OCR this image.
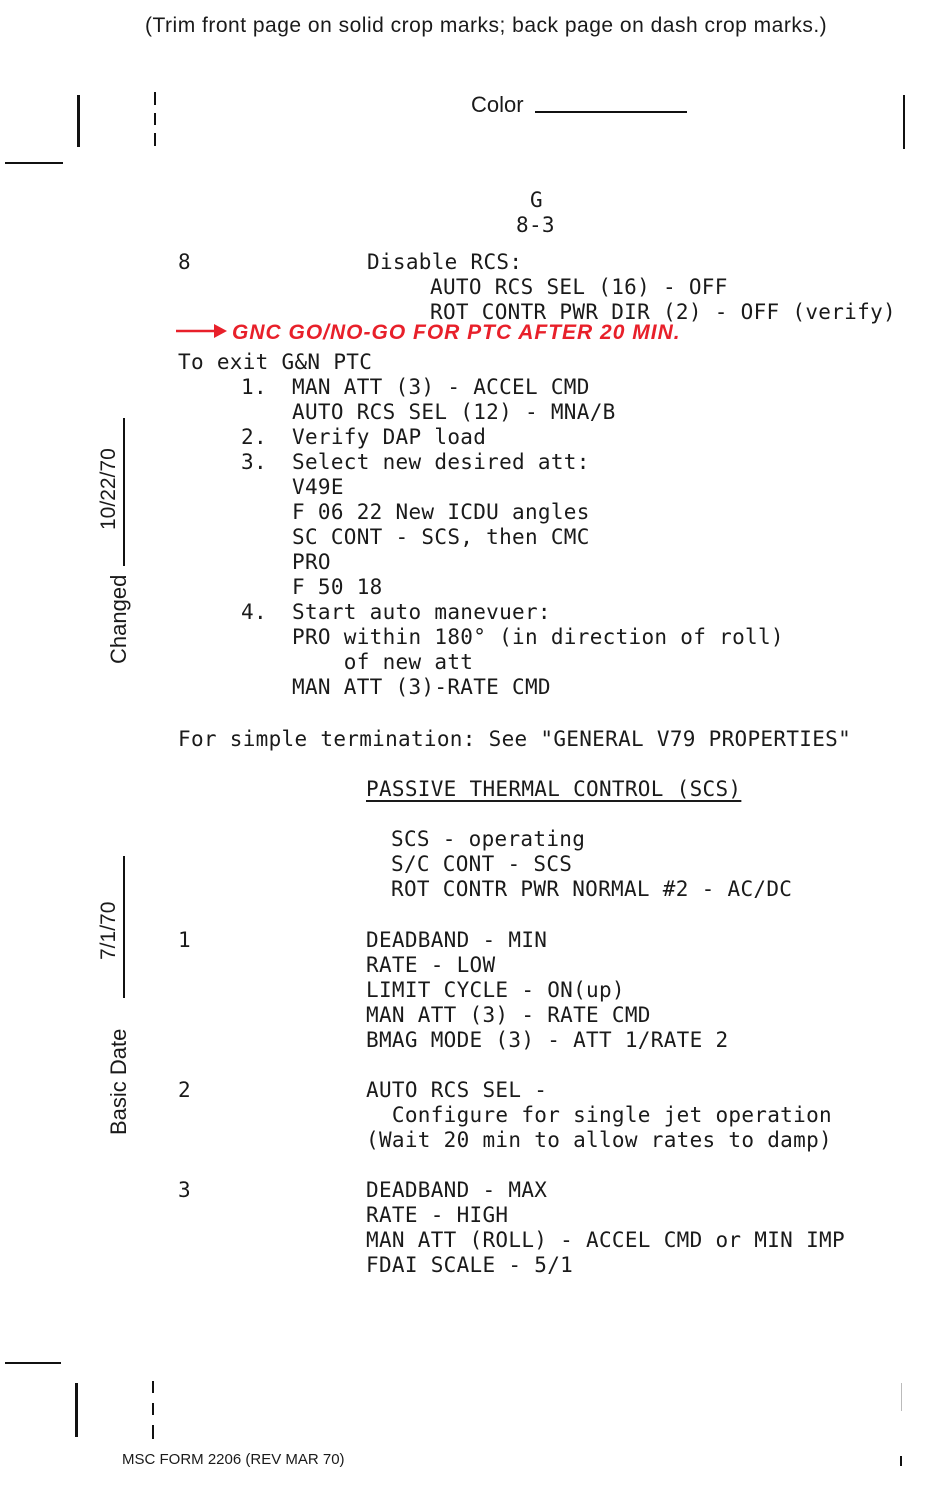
(Trim front page on solid crop marks; back page on dash crop marks.)
Color
G
8-3
8	Disable RCS:
AUTO RCS SEL (16) - OFF
ROT CONTR PWR DIR (2) - OFF (verify)
GNC GO/NO-GO FOR PTC AFTER 20 MIN.
To exit G&N PTC
1. MAN ATT (3) - ACCEL CMD
AUTO RCS SEL (12) - MNA/B
2. Verify DAP load
3. Select new desired att:
V49E
F 06 22 New ICDU angles
SC CONT - SCS, then CMC
PRO
F 50 18
4. Start auto manevuer:
PRO within 180° (in direction of roll)
of new att
MAN ATT (3)-RATE CMD
For simple termination: See "GENERAL V79 PROPERTIES"
PASSIVE THERMAL CONTROL (SCS)
SCS - operating
S/C CONT - SCS
ROT CONTR PWR NORMAL #2 - AC/DC
1	DEADBAND - MIN
RATE - LOW
LIMIT CYCLE - ON(up)
MAN ATT (3) - RATE CMD
BMAG MODE (3) - ATT 1/RATE 2
2	AUTO RCS SEL -
Configure for single jet operation
(Wait 20 min to allow rates to damp)
3	DEADBAND - MAX
RATE - HIGH
MAN ATT (ROLL) - ACCEL CMD or MIN IMP
FDAI SCALE - 5/1
Changed
10/22/70
Basic Date
7/1/70
MSC FORM 2206 (REV MAR 70)
